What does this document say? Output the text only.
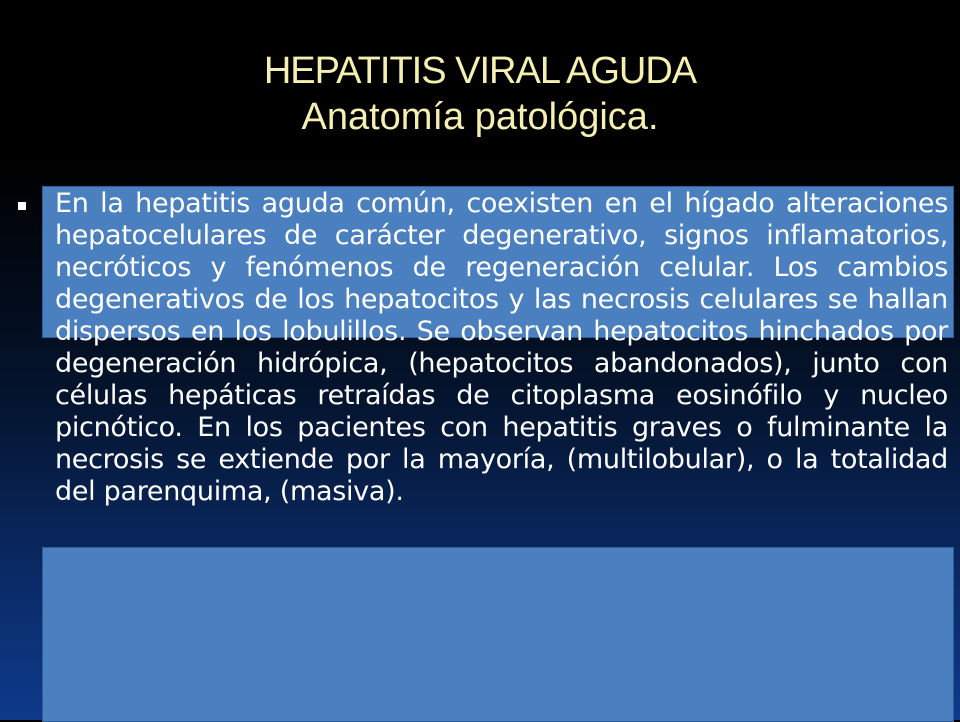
HEPATITIS VIRAL AGUDA
Anatomía patológica.
En la hepatitis aguda común, coexisten en el hígado alteraciones hepatocelulares de carácter degenerativo, signos inflamatorios, necróticos y fenómenos de regeneración celular. Los cambios degenerativos de los hepatocitos y las necrosis celulares se hallan dispersos en los lobulillos. Se observan hepatocitos hinchados por degeneración hidrópica, (hepatocitos abandonados), junto con células hepáticas retraídas de citoplasma eosinófilo y nucleo picnótico. En los pacientes con hepatitis graves o fulminante la necrosis se extiende por la mayoría, (multilobular), o la totalidad del parenquima, (masiva).
